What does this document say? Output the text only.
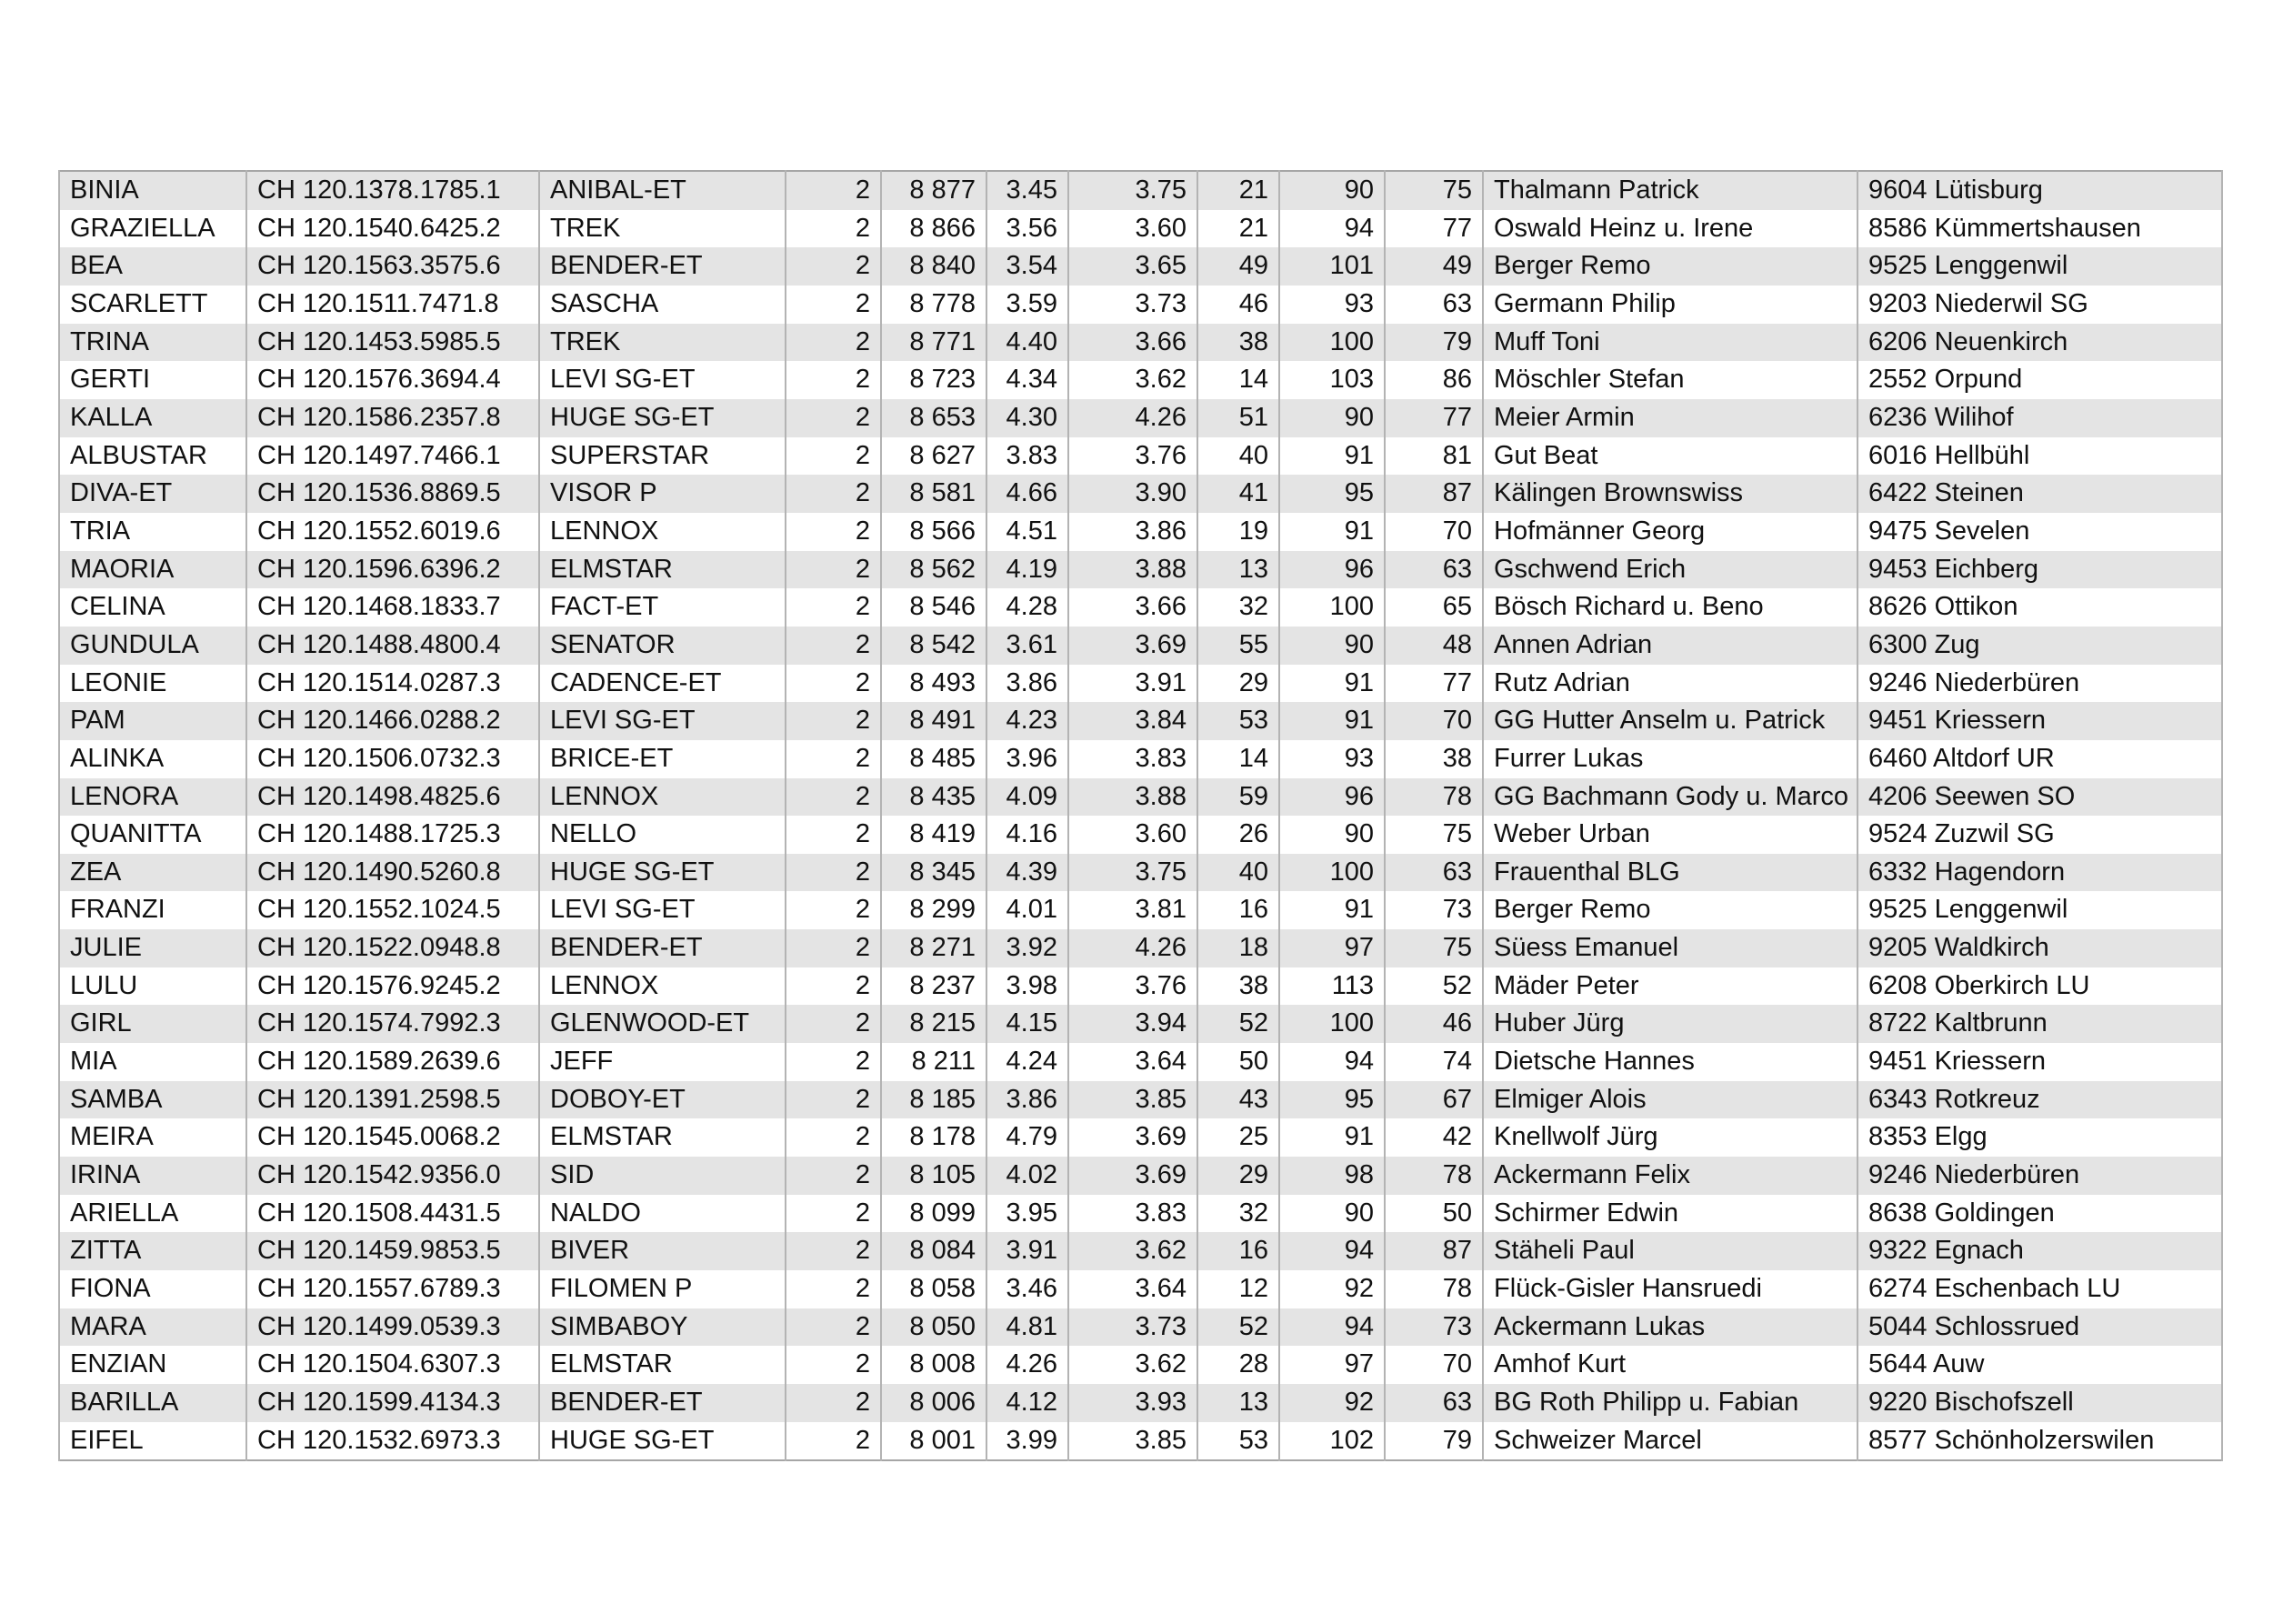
BINIA	CH 120.1378.1785.1	ANIBAL-ET	2	8 877	3.45	3.75	21	90	75	Thalmann Patrick	9604 Lütisburg
GRAZIELLA	CH 120.1540.6425.2	TREK	2	8 866	3.56	3.60	21	94	77	Oswald Heinz u. Irene	8586 Kümmertshausen
BEA	CH 120.1563.3575.6	BENDER-ET	2	8 840	3.54	3.65	49	101	49	Berger Remo	9525 Lenggenwil
SCARLETT	CH 120.1511.7471.8	SASCHA	2	8 778	3.59	3.73	46	93	63	Germann Philip	9203 Niederwil SG
TRINA	CH 120.1453.5985.5	TREK	2	8 771	4.40	3.66	38	100	79	Muff Toni	6206 Neuenkirch
GERTI	CH 120.1576.3694.4	LEVI SG-ET	2	8 723	4.34	3.62	14	103	86	Möschler Stefan	2552 Orpund
KALLA	CH 120.1586.2357.8	HUGE SG-ET	2	8 653	4.30	4.26	51	90	77	Meier Armin	6236 Wilihof
ALBUSTAR	CH 120.1497.7466.1	SUPERSTAR	2	8 627	3.83	3.76	40	91	81	Gut Beat	6016 Hellbühl
DIVA-ET	CH 120.1536.8869.5	VISOR P	2	8 581	4.66	3.90	41	95	87	Kälingen Brownswiss	6422 Steinen
TRIA	CH 120.1552.6019.6	LENNOX	2	8 566	4.51	3.86	19	91	70	Hofmänner Georg	9475 Sevelen
MAORIA	CH 120.1596.6396.2	ELMSTAR	2	8 562	4.19	3.88	13	96	63	Gschwend Erich	9453 Eichberg
CELINA	CH 120.1468.1833.7	FACT-ET	2	8 546	4.28	3.66	32	100	65	Bösch Richard u. Beno	8626 Ottikon
GUNDULA	CH 120.1488.4800.4	SENATOR	2	8 542	3.61	3.69	55	90	48	Annen Adrian	6300 Zug
LEONIE	CH 120.1514.0287.3	CADENCE-ET	2	8 493	3.86	3.91	29	91	77	Rutz Adrian	9246 Niederbüren
PAM	CH 120.1466.0288.2	LEVI SG-ET	2	8 491	4.23	3.84	53	91	70	GG Hutter Anselm u. Patrick	9451 Kriessern
ALINKA	CH 120.1506.0732.3	BRICE-ET	2	8 485	3.96	3.83	14	93	38	Furrer Lukas	6460 Altdorf UR
LENORA	CH 120.1498.4825.6	LENNOX	2	8 435	4.09	3.88	59	96	78	GG Bachmann Gody u. Marco	4206 Seewen SO
QUANITTA	CH 120.1488.1725.3	NELLO	2	8 419	4.16	3.60	26	90	75	Weber Urban	9524 Zuzwil SG
ZEA	CH 120.1490.5260.8	HUGE SG-ET	2	8 345	4.39	3.75	40	100	63	Frauenthal BLG	6332 Hagendorn
FRANZI	CH 120.1552.1024.5	LEVI SG-ET	2	8 299	4.01	3.81	16	91	73	Berger Remo	9525 Lenggenwil
JULIE	CH 120.1522.0948.8	BENDER-ET	2	8 271	3.92	4.26	18	97	75	Süess Emanuel	9205 Waldkirch
LULU	CH 120.1576.9245.2	LENNOX	2	8 237	3.98	3.76	38	113	52	Mäder Peter	6208 Oberkirch LU
GIRL	CH 120.1574.7992.3	GLENWOOD-ET	2	8 215	4.15	3.94	52	100	46	Huber Jürg	8722 Kaltbrunn
MIA	CH 120.1589.2639.6	JEFF	2	8 211	4.24	3.64	50	94	74	Dietsche Hannes	9451 Kriessern
SAMBA	CH 120.1391.2598.5	DOBOY-ET	2	8 185	3.86	3.85	43	95	67	Elmiger Alois	6343 Rotkreuz
MEIRA	CH 120.1545.0068.2	ELMSTAR	2	8 178	4.79	3.69	25	91	42	Knellwolf Jürg	8353 Elgg
IRINA	CH 120.1542.9356.0	SID	2	8 105	4.02	3.69	29	98	78	Ackermann Felix	9246 Niederbüren
ARIELLA	CH 120.1508.4431.5	NALDO	2	8 099	3.95	3.83	32	90	50	Schirmer Edwin	8638 Goldingen
ZITTA	CH 120.1459.9853.5	BIVER	2	8 084	3.91	3.62	16	94	87	Stäheli Paul	9322 Egnach
FIONA	CH 120.1557.6789.3	FILOMEN P	2	8 058	3.46	3.64	12	92	78	Flück-Gisler Hansruedi	6274 Eschenbach LU
MARA	CH 120.1499.0539.3	SIMBABOY	2	8 050	4.81	3.73	52	94	73	Ackermann Lukas	5044 Schlossrued
ENZIAN	CH 120.1504.6307.3	ELMSTAR	2	8 008	4.26	3.62	28	97	70	Amhof Kurt	5644 Auw
BARILLA	CH 120.1599.4134.3	BENDER-ET	2	8 006	4.12	3.93	13	92	63	BG Roth Philipp u. Fabian	9220 Bischofszell
EIFEL	CH 120.1532.6973.3	HUGE SG-ET	2	8 001	3.99	3.85	53	102	79	Schweizer Marcel	8577 Schönholzerswilen
